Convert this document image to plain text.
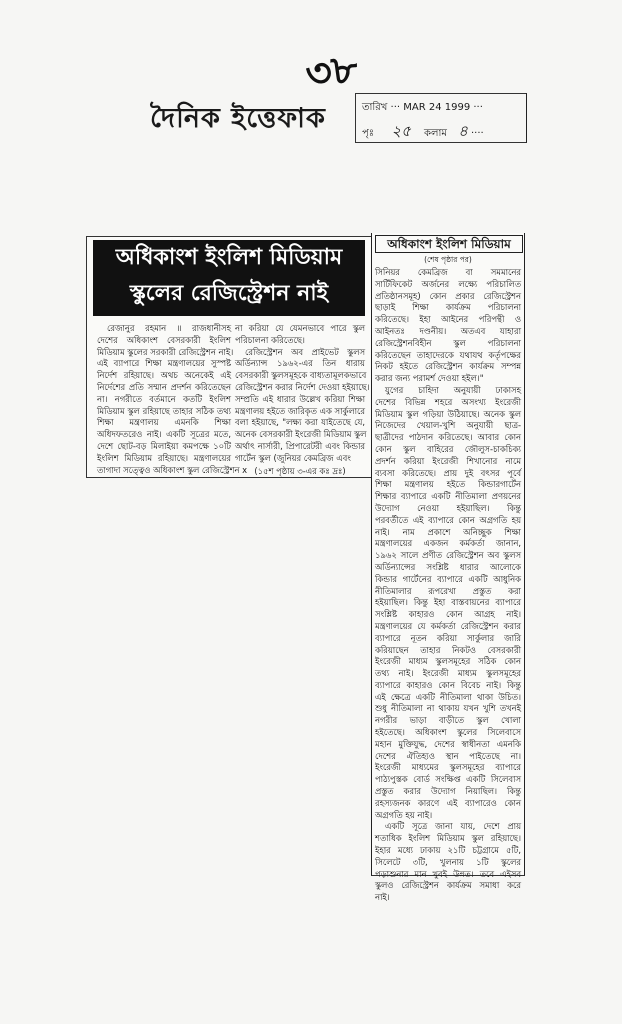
৩৮
দৈনিক ইত্তেফাক	তারিখ ··· MAR 24 1999 ···
পৃঃ ২৫ কলাম ৪ ····
অধিকাংশ ইংলিশ মিডিয়াম
স্কুলের রেজিস্ট্রেশন নাই
রেজানুর রহমান ॥ রাজধানীসহ
দেশের অধিকাংশ বেসরকারী ইংলিশ
মিডিয়াম স্কুলের সরকারী রেজিস্ট্রেশন নাই।
এই ব্যাপারে শিক্ষা মন্ত্রণালয়ের সুস্পষ্ট
নির্দেশ রহিয়াছে। অথচ অনেকেই এই
নির্দেশের প্রতি সম্মান প্রদর্শন করিতেছেন
না। নগরীতে বর্তমানে কতটি ইংলিশ
মিডিয়াম স্কুল রহিয়াছে তাহার সঠিক তথ্য
শিক্ষা মন্ত্রণালয় এমনকি শিক্ষা
অধিদফতরেও নাই। একটি সূত্রের মতে,
দেশে ছোট-বড় মিলাইয়া কমপক্ষে ১০টি
ইংলিশ মিডিয়াম রহিয়াছে। মন্ত্রণালয়ের
তাগাদা সত্ত্বেও অধিকাংশ স্কুল রেজিস্ট্রেশন x
না করিয়া যে যেমনভাবে পারে স্কুল
পরিচালনা করিতেছে।
রেজিস্ট্রেশন অব প্রাইভেট স্কুলস
অর্ডিন্যান্স ১৯৬২-এর তিন ধারায়
বেসরকারী স্কুলসমূহকে বাধ্যতামূলকভাবে
রেজিস্ট্রেশন করার নির্দেশ দেওয়া হইয়াছে।
সম্প্রতি এই ধারার উল্লেখ করিয়া শিক্ষা
মন্ত্রণালয় হইতে জারিকৃত এক সার্কুলারে
বলা হইয়াছে, "লক্ষ্য করা যাইতেছে যে,
অনেক বেসরকারী ইংরেজী মিডিয়াম স্কুল
অর্থাৎ নার্সারী, প্রিপারেটরী এবং কিন্ডার
গার্টেন স্কুল (জুনিয়র কেমব্রিজ এবং
(১৫শ পৃষ্ঠায় ৩-এর কঃ দ্রঃ)
অধিকাংশ ইংলিশ মিডিয়াম
(শেষ পৃষ্ঠার পর)
সিনিয়র কেমব্রিজ বা সমমানের
সার্টিফিকেট অর্জনের লক্ষ্যে পরিচালিত
প্রতিষ্ঠানসমূহ) কোন প্রকার রেজিস্ট্রেশন
ছাড়াই শিক্ষা কার্যক্রম পরিচালনা
করিতেছে। ইহা আইনের পরিপন্থী ও
আইনতঃ দণ্ডনীয়। অতএব যাহারা
রেজিস্ট্রেশনবিহীন স্কুল পরিচালনা
করিতেছেন তাহাদেরকে যথাযথ কর্তৃপক্ষের
নিকট হইতে রেজিস্ট্রেশন কার্যক্রম সম্পন্ন
করার জন্য পরামর্শ দেওয়া হইল।"
যুগের চাহিদা অনুযায়ী ঢাকাসহ
দেশের বিভিন্ন শহরে অসংখ্য ইংরেজী
মিডিয়াম স্কুল গড়িয়া উঠিয়াছে। অনেক স্কুল
নিজেদের খেয়াল-খুশি অনুযায়ী ছাত্র-
ছাত্রীদের পাঠদান করিতেছে। আবার কোন
কোন স্কুল বাহিরের জৌলুস-চাকচিক্য
প্রদর্শন করিয়া ইংরেজী শিখানোর নামে
ব্যবসা করিতেছে। প্রায় দুই বৎসর পূর্বে
শিক্ষা মন্ত্রণালয় হইতে কিন্ডারগার্টেন
শিক্ষার ব্যাপারে একটি নীতিমালা প্রণয়নের
উদ্যোগ নেওয়া হইয়াছিল। কিন্তু
পরবর্তীতে এই ব্যাপারে কোন অগ্রগতি হয়
নাই। নাম প্রকাশে অনিচ্ছুক শিক্ষা
মন্ত্রণালয়ের একজন কর্মকর্তা জানান,
১৯৬২ সালে প্রণীত রেজিস্ট্রেশন অব স্কুলস
অর্ডিন্যান্সের সংশ্লিষ্ট ধারার আলোকে
কিন্ডার গার্টেনের ব্যাপারে একটি আধুনিক
নীতিমালার রূপরেখা প্রস্তুত করা
হইয়াছিল। কিন্তু ইহা বাস্তবায়নের ব্যাপারে
সংশ্লিষ্ট কাহারও কোন আগ্রহ নাই।
মন্ত্রণালয়ের যে কর্মকর্তা রেজিস্ট্রেশন করার
ব্যাপারে নূতন করিয়া সার্কুলার জারি
করিয়াছেন তাহার নিকটও বেসরকারী
ইংরেজী মাধ্যম স্কুলসমূহের সঠিক কোন
তথ্য নাই। ইংরেজী মাধ্যম স্কুলসমূহের
ব্যাপারে কাহারও কোন বিবেচ নাই। কিন্তু
এই ক্ষেত্রে একটি নীতিমালা থাকা উচিত।
শুধু নীতিমালা না থাকায় যখন খুশি তখনই
নগরীর ভাড়া বাড়ীতে স্কুল খোলা
হইতেছে। অধিকাংশ স্কুলের সিলেবাসে
মহান মুক্তিযুদ্ধ, দেশের স্বাধীনতা এমনকি
দেশের ঐতিহ্যও স্থান পাইতেছে না।
ইংরেজী মাধ্যমের স্কুলসমূহের ব্যাপারে
পাঠ্যপুস্তক বোর্ড সংক্ষিপ্ত একটি সিলেবাস
প্রস্তুত করার উদ্যোগ নিয়াছিল। কিন্তু
রহস্যজনক কারণে এই ব্যাপারেও কোন
অগ্রগতি হয় নাই।
একটি সূত্রে জানা যায়, দেশে প্রায়
শতাধিক ইংলিশ মিডিয়াম স্কুল রহিয়াছে।
ইহার মধ্যে ঢাকায় ২১টি চট্টগ্রামে ৫টি,
সিলেটে ৩টি, খুলনায় ১টি স্কুলের
পড়াশুনার মান খুবই উন্নত। তবে এইসব
স্কুলও রেজিস্ট্রেশন কার্যক্রম সমাধা করে
নাই।
